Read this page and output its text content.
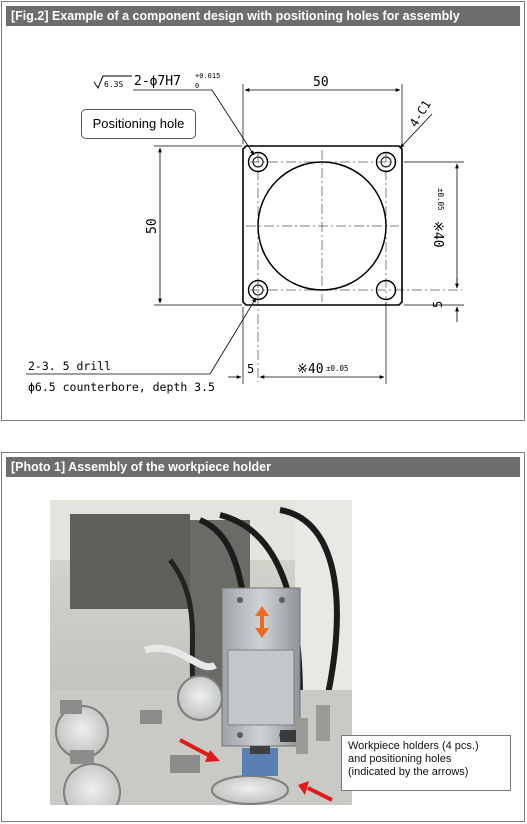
[Fig.2] Example of a component design with positioning holes for assembly
6.3S 2-ϕ7H7 +0.015
0	50
4-C1
50	※40
±0.05
5
5	※40 ±0.05
2-3. 5 drill
ϕ6.5 counterbore, depth 3.5
Positioning hole
[Photo 1] Assembly of the workpiece holder
Workpiece holders (4 pcs.)
and positioning holes
(indicated by the arrows)
